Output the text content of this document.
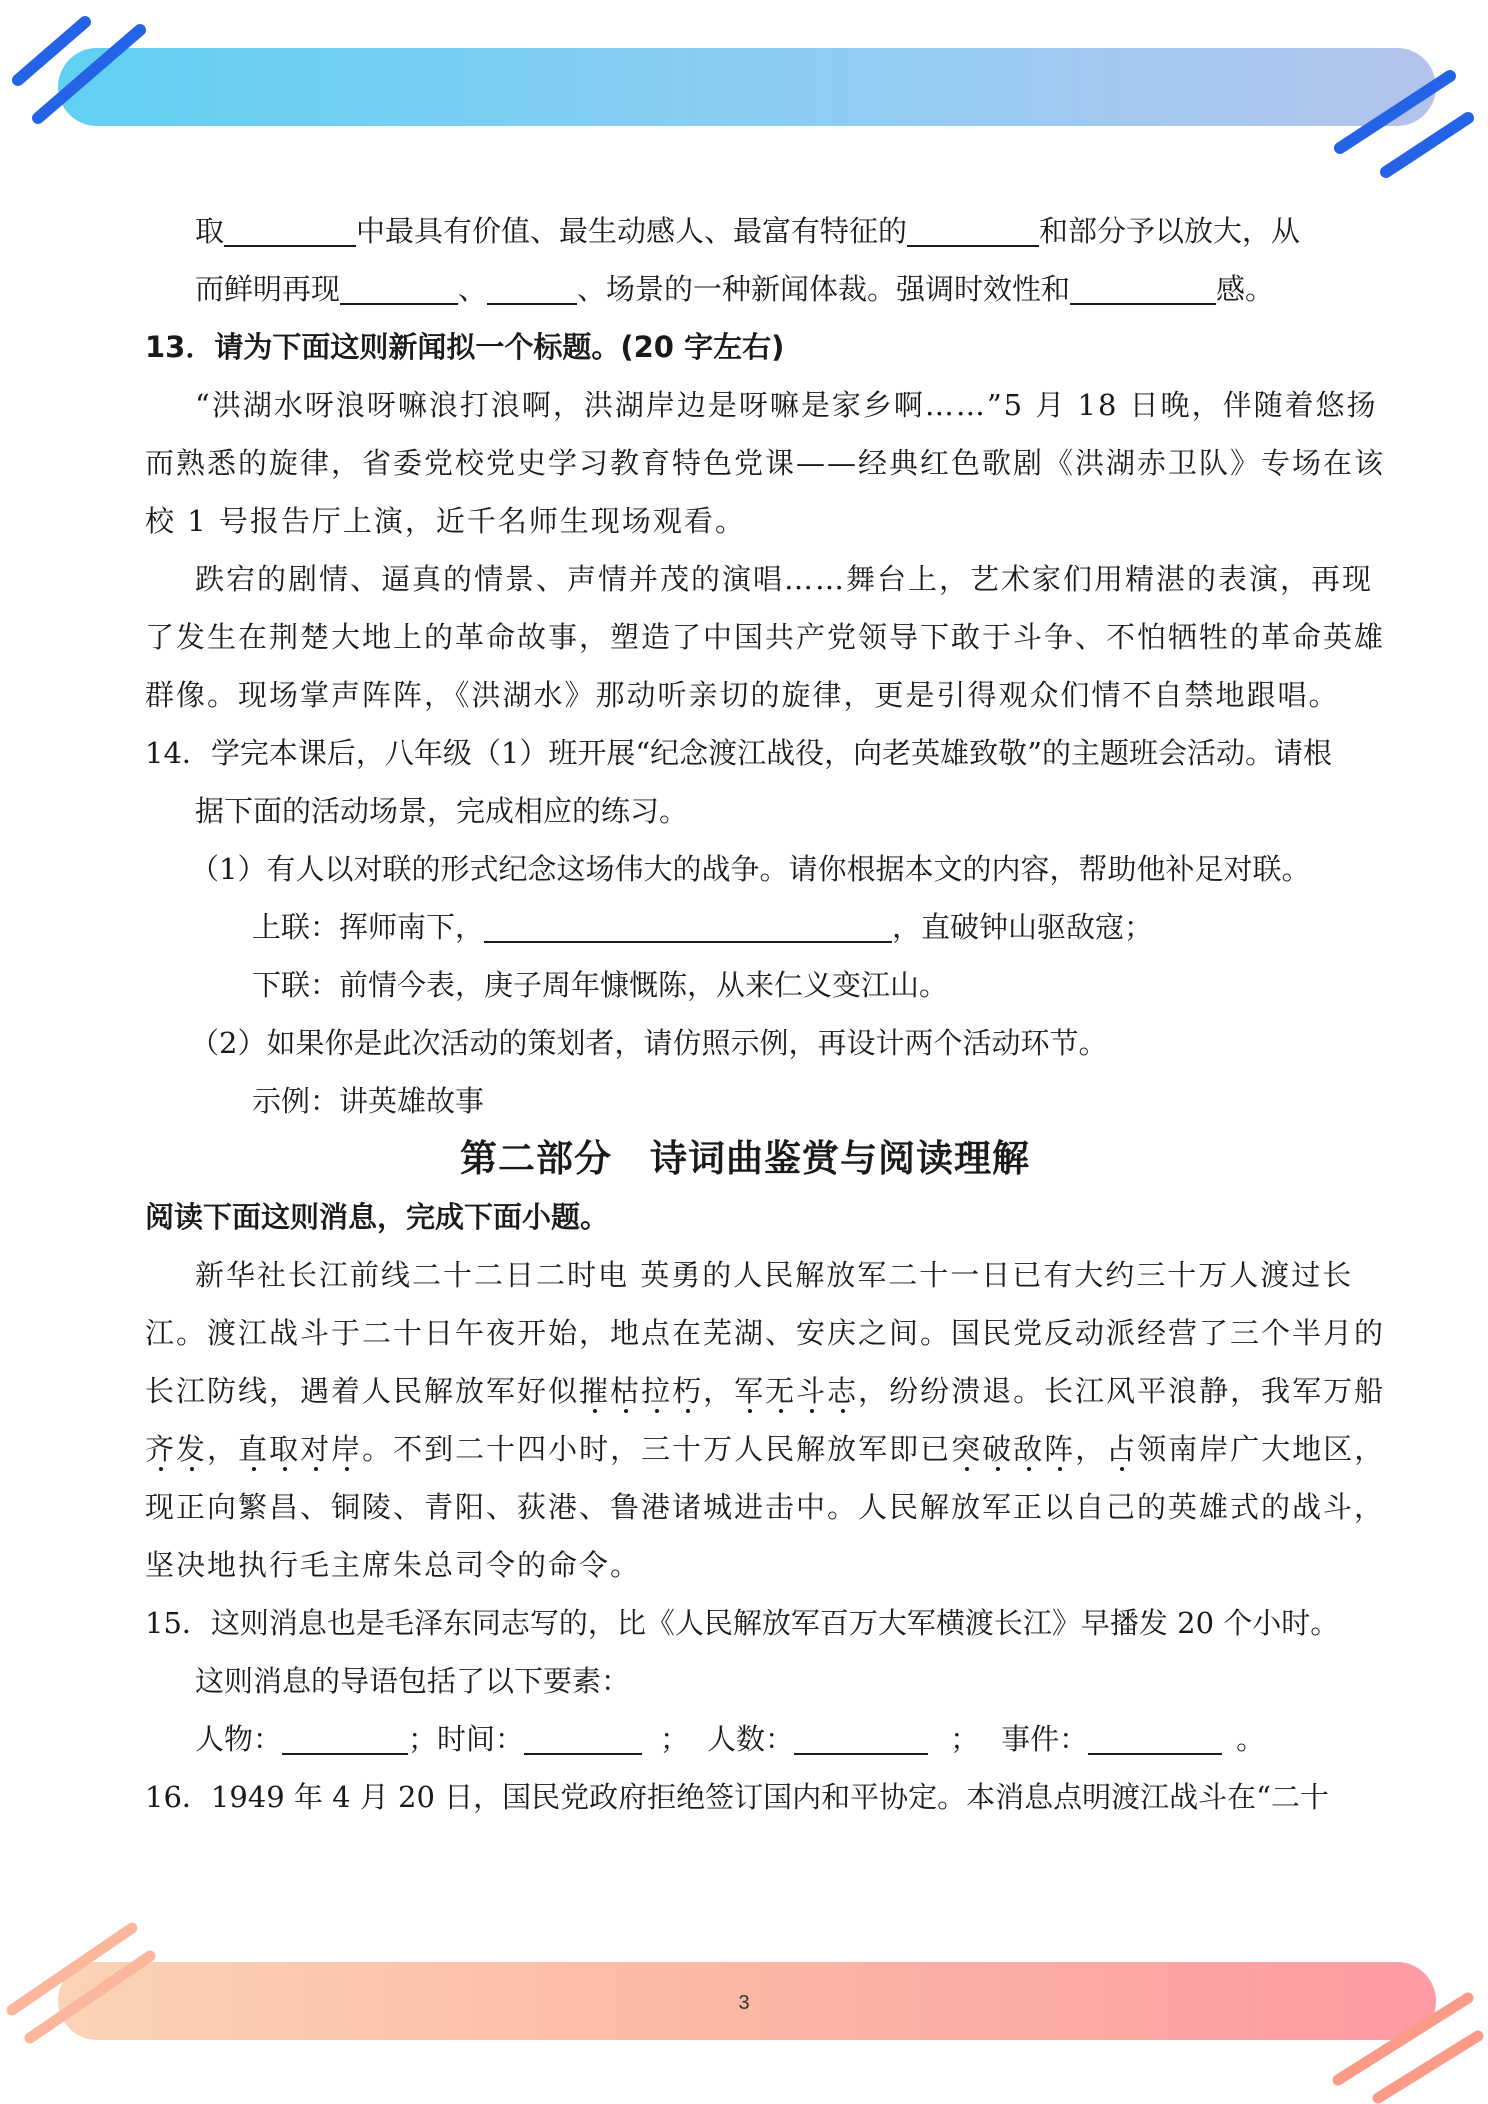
取	中最具有价值、最生动感人、最富有特征的	和部分予以放大，从
而鲜明再现	、	、场景的一种新闻体裁。强调时效性和	感。
13．请为下面这则新闻拟一个标题。(20 字左右)
“洪湖水呀浪呀嘛浪打浪啊，洪湖岸边是呀嘛是家乡啊……”5 月 18 日晚，伴随着悠扬
而熟悉的旋律，省委党校党史学习教育特色党课——经典红色歌剧《洪湖赤卫队》专场在该
校 1 号报告厅上演，近千名师生现场观看。
跌宕的剧情、逼真的情景、声情并茂的演唱……舞台上，艺术家们用精湛的表演，再现
了发生在荆楚大地上的革命故事，塑造了中国共产党领导下敢于斗争、不怕牺牲的革命英雄
群像。现场掌声阵阵，《洪湖水》那动听亲切的旋律，更是引得观众们情不自禁地跟唱。
14．学完本课后，八年级（1）班开展“纪念渡江战役，向老英雄致敬”的主题班会活动。请根
据下面的活动场景，完成相应的练习。
（1）有人以对联的形式纪念这场伟大的战争。请你根据本文的内容，帮助他补足对联。
上联：挥师南下，	，直破钟山驱敌寇；
下联：前情今表，庚子周年慷慨陈，从来仁义变江山。
（2）如果你是此次活动的策划者，请仿照示例，再设计两个活动环节。
示例：讲英雄故事
第二部分　诗词曲鉴赏与阅读理解
阅读下面这则消息，完成下面小题。
新华社长江前线二十二日二时电 英勇的人民解放军二十一日已有大约三十万人渡过长
江。渡江战斗于二十日午夜开始，地点在芜湖、安庆之间。国民党反动派经营了三个半月的
长江防线，遇着人民解放军好似摧枯拉朽，军无斗志，纷纷溃退。长江风平浪静，我军万船
齐发，直取对岸。不到二十四小时，三十万人民解放军即已突破敌阵，占领南岸广大地区，
现正向繁昌、铜陵、青阳、荻港、鲁港诸城进击中。人民解放军正以自己的英雄式的战斗，
坚决地执行毛主席朱总司令的命令。
15．这则消息也是毛泽东同志写的，比《人民解放军百万大军横渡长江》早播发 20 个小时。
这则消息的导语包括了以下要素：
人物：	；时间：	； 人数：	； 事件：	。
16．1949 年 4 月 20 日，国民党政府拒绝签订国内和平协定。本消息点明渡江战斗在“二十
3
